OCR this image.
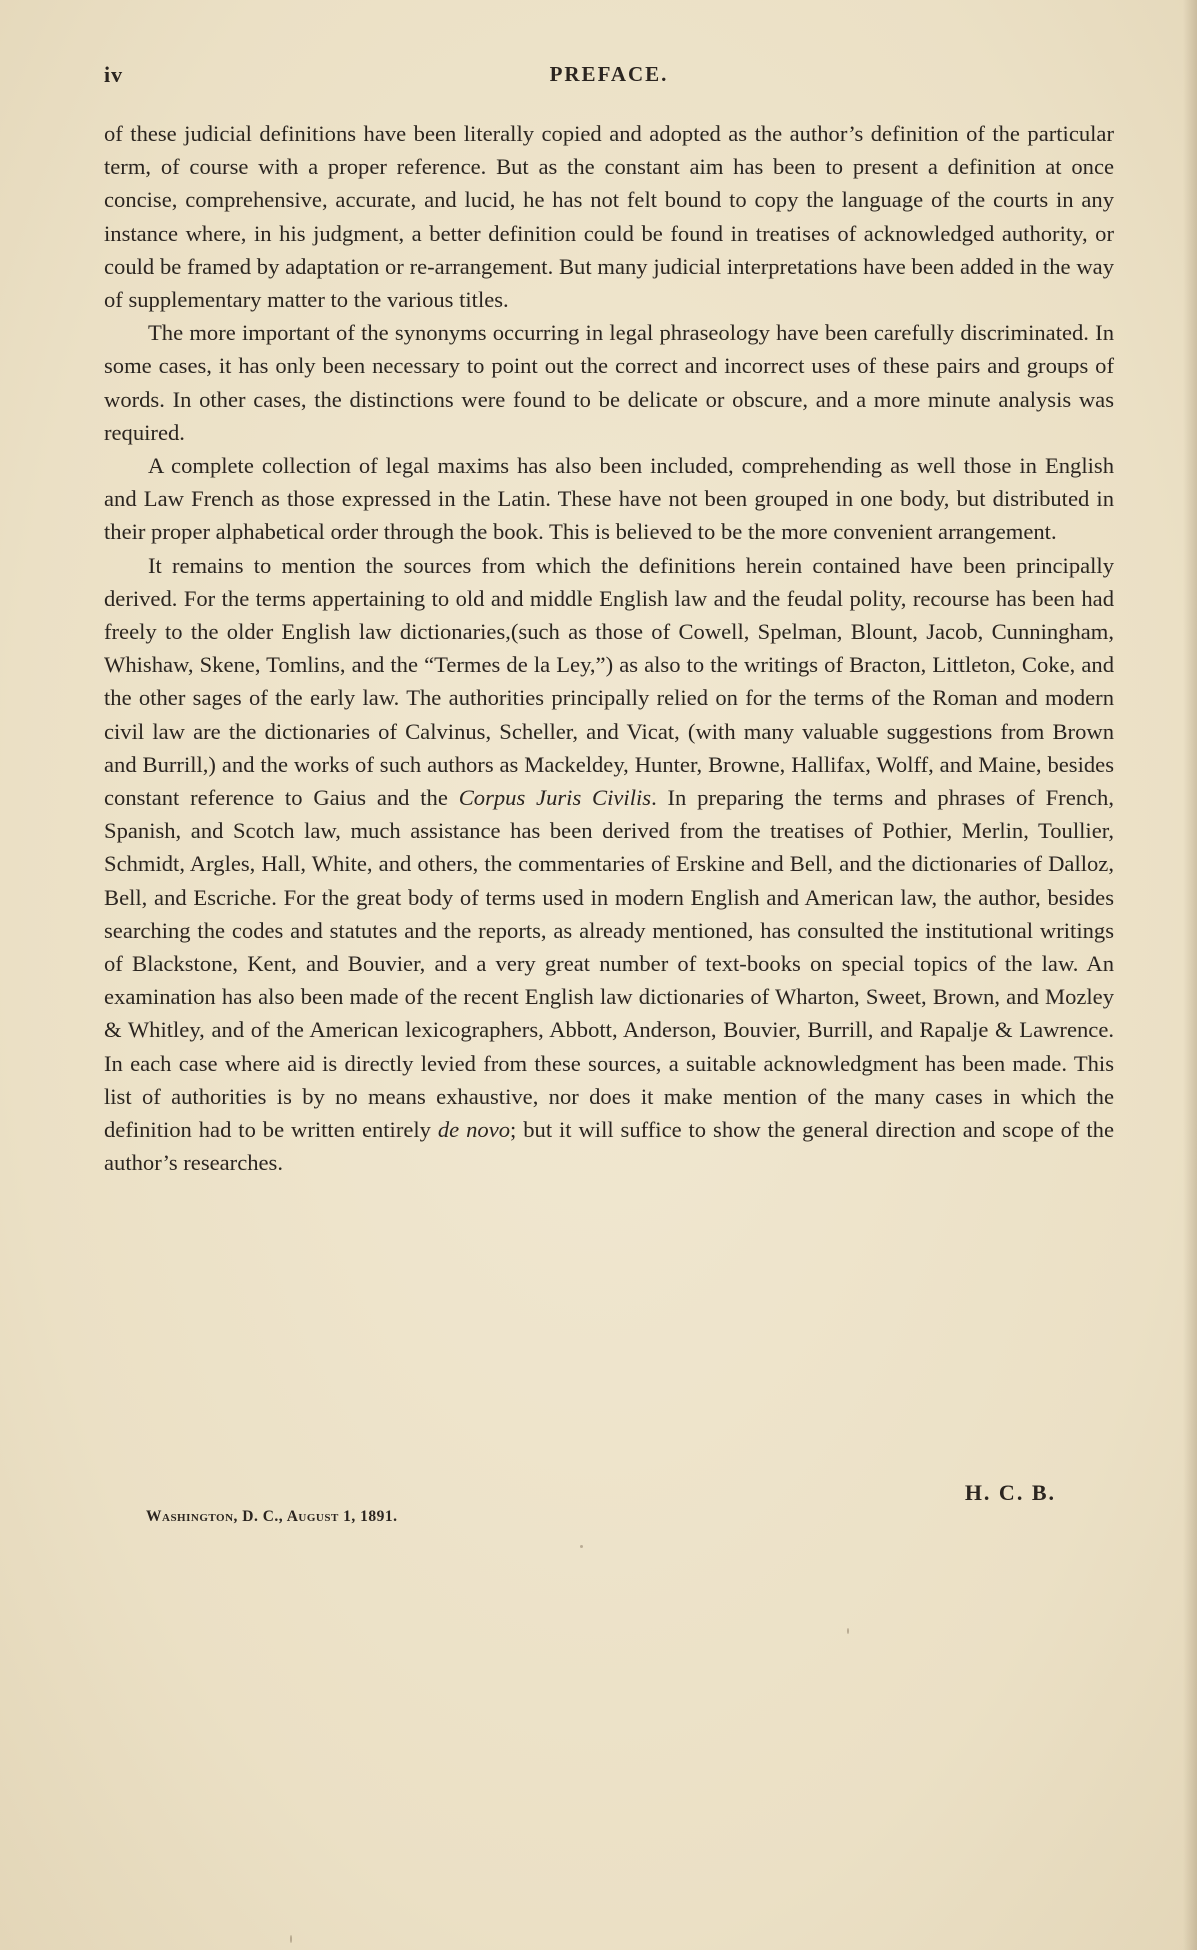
iv	PREFACE.

of these judicial definitions have been literally copied and adopted as the author’s definition of the particular term, of course with a proper reference. But as the constant aim has been to present a definition at once concise, comprehensive, accurate, and lucid, he has not felt bound to copy the language of the courts in any instance where, in his judgment, a better definition could be found in treatises of acknowledged authority, or could be framed by adaptation or re-arrangement. But many judicial interpretations have been added in the way of supplementary matter to the various titles.

The more important of the synonyms occurring in legal phraseology have been carefully discriminated. In some cases, it has only been necessary to point out the correct and incorrect uses of these pairs and groups of words. In other cases, the distinctions were found to be delicate or obscure, and a more minute analysis was required.

A complete collection of legal maxims has also been included, comprehending as well those in English and Law French as those expressed in the Latin. These have not been grouped in one body, but distributed in their proper alphabetical order through the book. This is believed to be the more convenient arrangement.

It remains to mention the sources from which the definitions herein contained have been principally derived. For the terms appertaining to old and middle English law and the feudal polity, recourse has been had freely to the older English law dictionaries,(such as those of Cowell, Spelman, Blount, Jacob, Cunningham, Whishaw, Skene, Tomlins, and the “Termes de la Ley,”) as also to the writings of Bracton, Littleton, Coke, and the other sages of the early law. The authorities principally relied on for the terms of the Roman and modern civil law are the dictionaries of Calvinus, Scheller, and Vicat, (with many valuable suggestions from Brown and Burrill,) and the works of such authors as Mackeldey, Hunter, Browne, Hallifax, Wolff, and Maine, besides constant reference to Gaius and the Corpus Juris Civilis. In preparing the terms and phrases of French, Spanish, and Scotch law, much assistance has been derived from the treatises of Pothier, Merlin, Toullier, Schmidt, Argles, Hall, White, and others, the commentaries of Erskine and Bell, and the dictionaries of Dalloz, Bell, and Escriche. For the great body of terms used in modern English and American law, the author, besides searching the codes and statutes and the reports, as already mentioned, has consulted the institutional writings of Blackstone, Kent, and Bouvier, and a very great number of text-books on special topics of the law. An examination has also been made of the recent English law dictionaries of Wharton, Sweet, Brown, and Mozley & Whitley, and of the American lexicographers, Abbott, Anderson, Bouvier, Burrill, and Rapalje & Lawrence. In each case where aid is directly levied from these sources, a suitable acknowledgment has been made. This list of authorities is by no means exhaustive, nor does it make mention of the many cases in which the definition had to be written entirely de novo; but it will suffice to show the general direction and scope of the author’s researches.

H. C. B.
Washington, D. C., August 1, 1891.
